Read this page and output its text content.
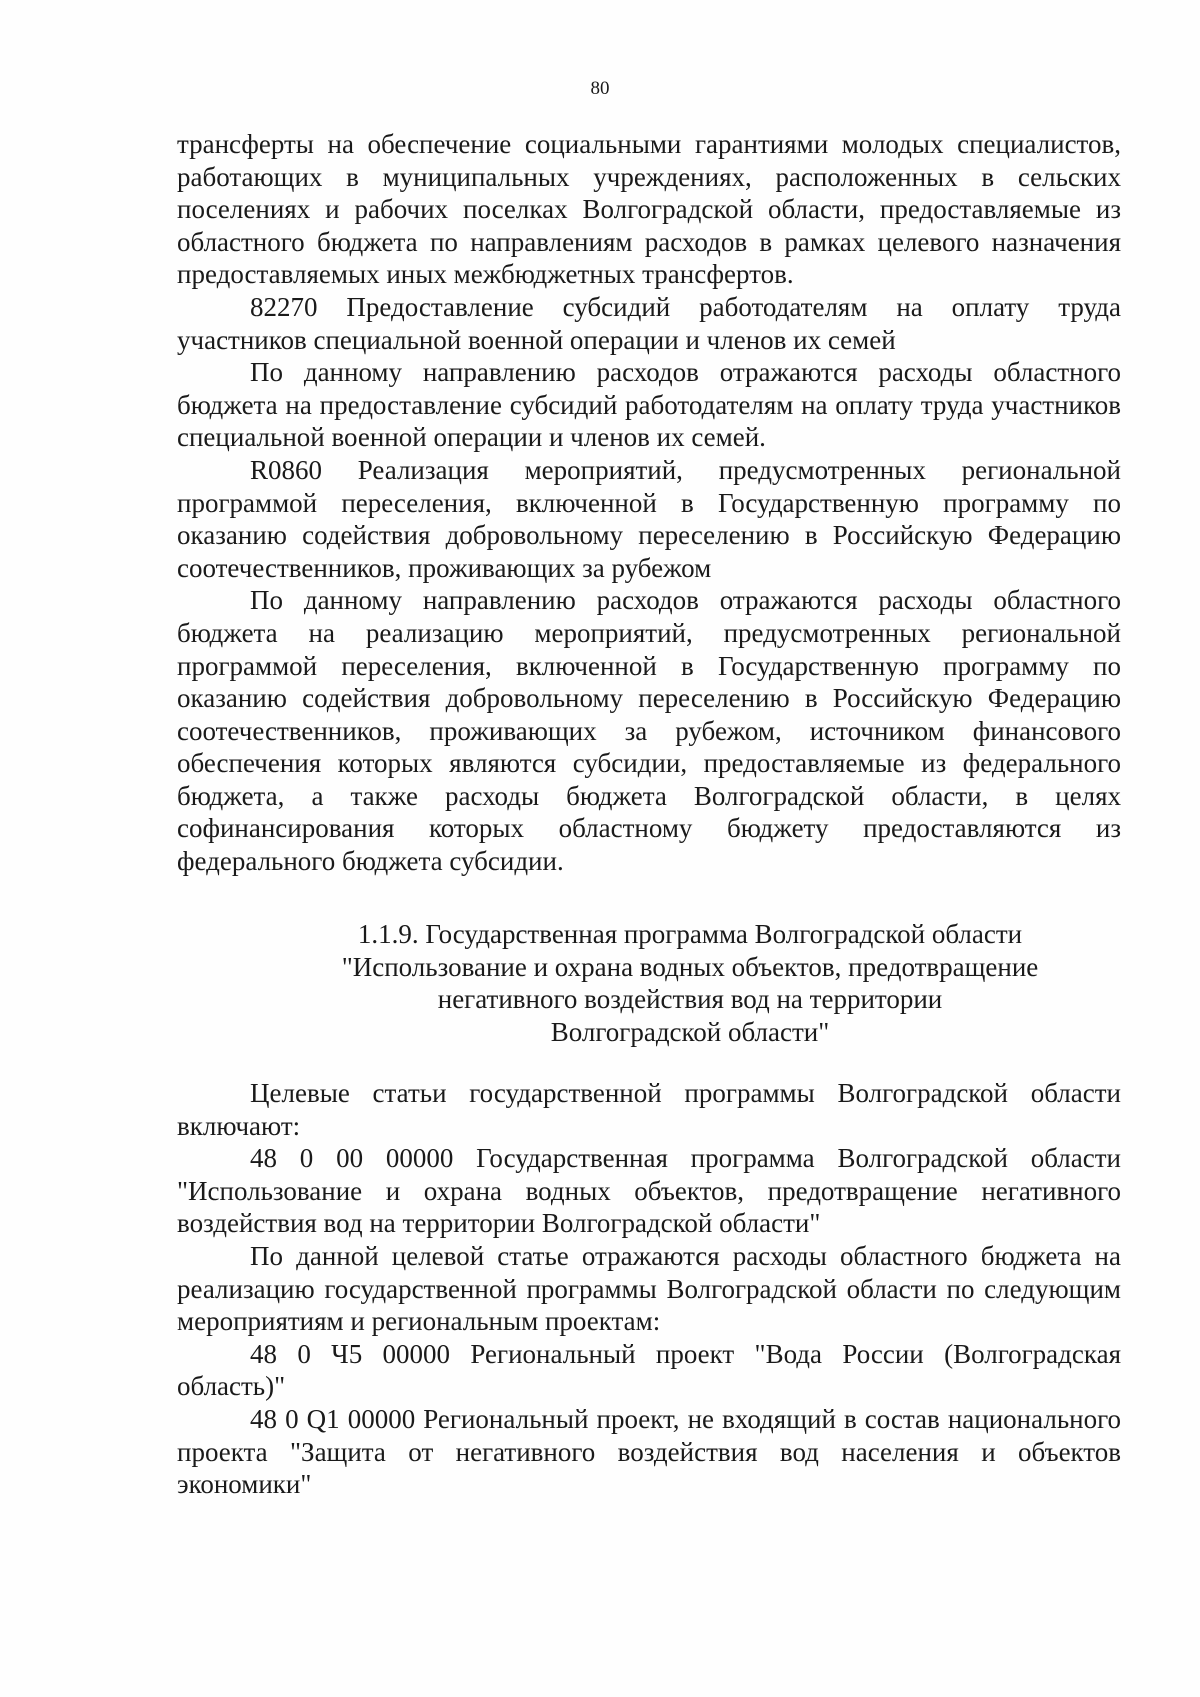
80

трансферты на обеспечение социальными гарантиями молодых специалистов, работающих в муниципальных учреждениях, расположенных в сельских поселениях и рабочих поселках Волгоградской области, предоставляемые из областного бюджета по направлениям расходов в рамках целевого назначения предоставляемых иных межбюджетных трансфертов.

82270 Предоставление субсидий работодателям на оплату труда участников специальной военной операции и членов их семей

По данному направлению расходов отражаются расходы областного бюджета на предоставление субсидий работодателям на оплату труда участников специальной военной операции и членов их семей.

R0860 Реализация мероприятий, предусмотренных региональной программой переселения, включенной в Государственную программу по оказанию содействия добровольному переселению в Российскую Федерацию соотечественников, проживающих за рубежом

По данному направлению расходов отражаются расходы областного бюджета на реализацию мероприятий, предусмотренных региональной программой переселения, включенной в Государственную программу по оказанию содействия добровольному переселению в Российскую Федерацию соотечественников, проживающих за рубежом, источником финансового обеспечения которых являются субсидии, предоставляемые из федерального бюджета, а также расходы бюджета Волгоградской области, в целях софинансирования которых областному бюджету предоставляются из федерального бюджета субсидии.

1.1.9. Государственная программа Волгоградской области
"Использование и охрана водных объектов, предотвращение
негативного воздействия вод на территории
Волгоградской области"

Целевые статьи государственной программы Волгоградской области включают:

48 0 00 00000 Государственная программа Волгоградской области "Использование и охрана водных объектов, предотвращение негативного воздействия вод на территории Волгоградской области"

По данной целевой статье отражаются расходы областного бюджета на реализацию государственной программы Волгоградской области по следующим мероприятиям и региональным проектам:

48 0 Ч5 00000 Региональный проект "Вода России (Волгоградская область)"

48 0 Q1 00000 Региональный проект, не входящий в состав национального проекта "Защита от негативного воздействия вод населения и объектов экономики"
